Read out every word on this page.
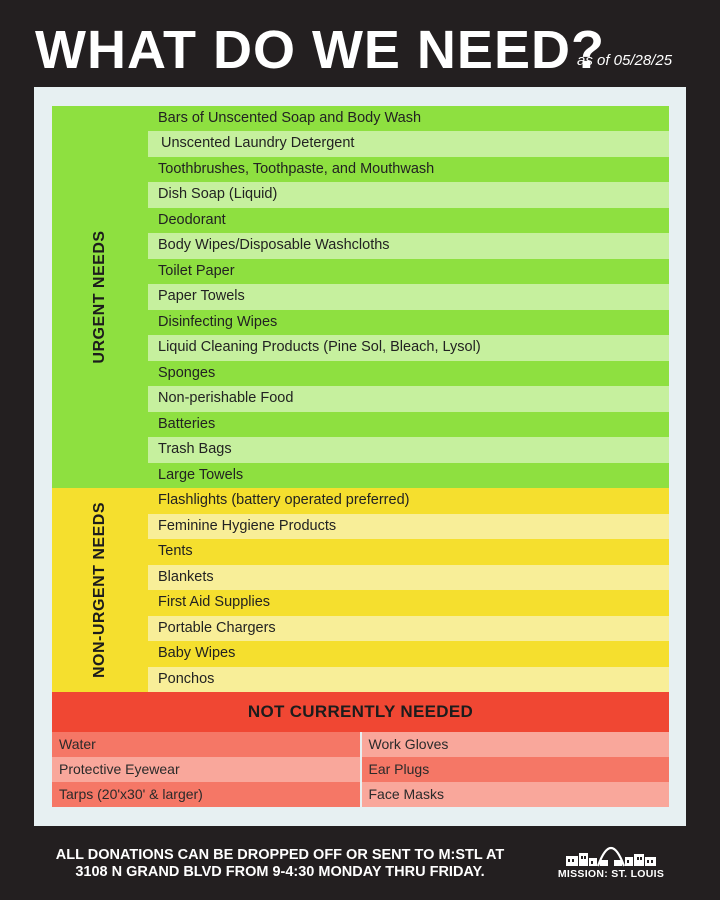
WHAT DO WE NEED?
as of 05/28/25
URGENT NEEDS
Bars of Unscented Soap and Body Wash
Unscented Laundry Detergent
Toothbrushes, Toothpaste, and Mouthwash
Dish Soap (Liquid)
Deodorant
Body Wipes/Disposable Washcloths
Toilet Paper
Paper Towels
Disinfecting Wipes
Liquid Cleaning Products (Pine Sol, Bleach, Lysol)
Sponges
Non-perishable Food
Batteries
Trash Bags
Large Towels
NON-URGENT NEEDS
Flashlights (battery operated preferred)
Feminine Hygiene Products
Tents
Blankets
First Aid Supplies
Portable Chargers
Baby Wipes
Ponchos
NOT CURRENTLY NEEDED
Water
Protective Eyewear
Tarps (20'x30' & larger)
Work Gloves
Ear Plugs
Face Masks
ALL DONATIONS CAN BE DROPPED OFF OR SENT TO M:STL AT
3108 N GRAND BLVD FROM 9-4:30 MONDAY THRU FRIDAY.	MISSION: ST. LOUIS
